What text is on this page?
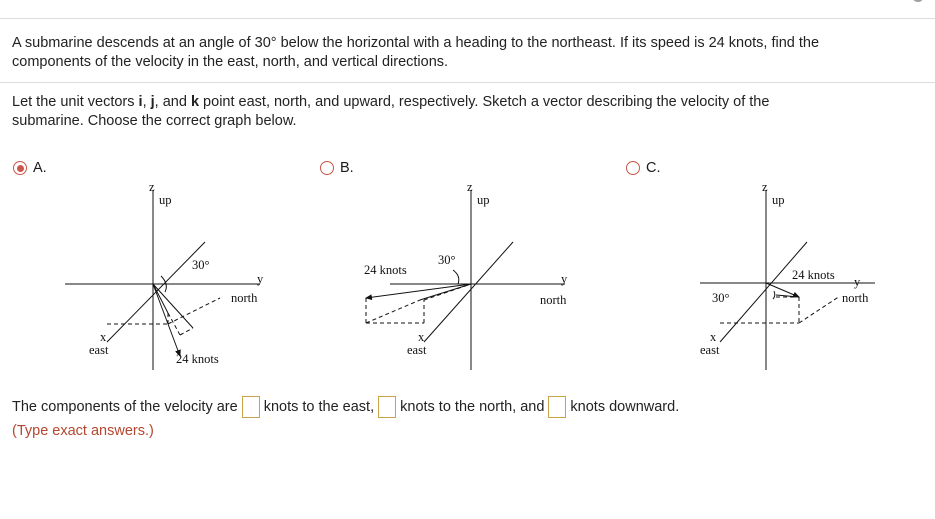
A submarine descends at an angle of 30° below the horizontal with a heading to the northeast. If its speed is 24 knots, find the
components of the velocity in the east, north, and vertical directions.
Let the unit vectors i, j, and k point east, north, and upward, respectively. Sketch a vector describing the velocity of the
submarine. Choose the correct graph below.
A.	B.	C.
z
up
y
north
x
east
30°
24 knots
z
up
y
north
x
east
30°
24 knots
z
up
y
north
x
east
30°
24 knots
The components of the velocity are knots to the east, knots to the north, and knots downward.
(Type exact answers.)
